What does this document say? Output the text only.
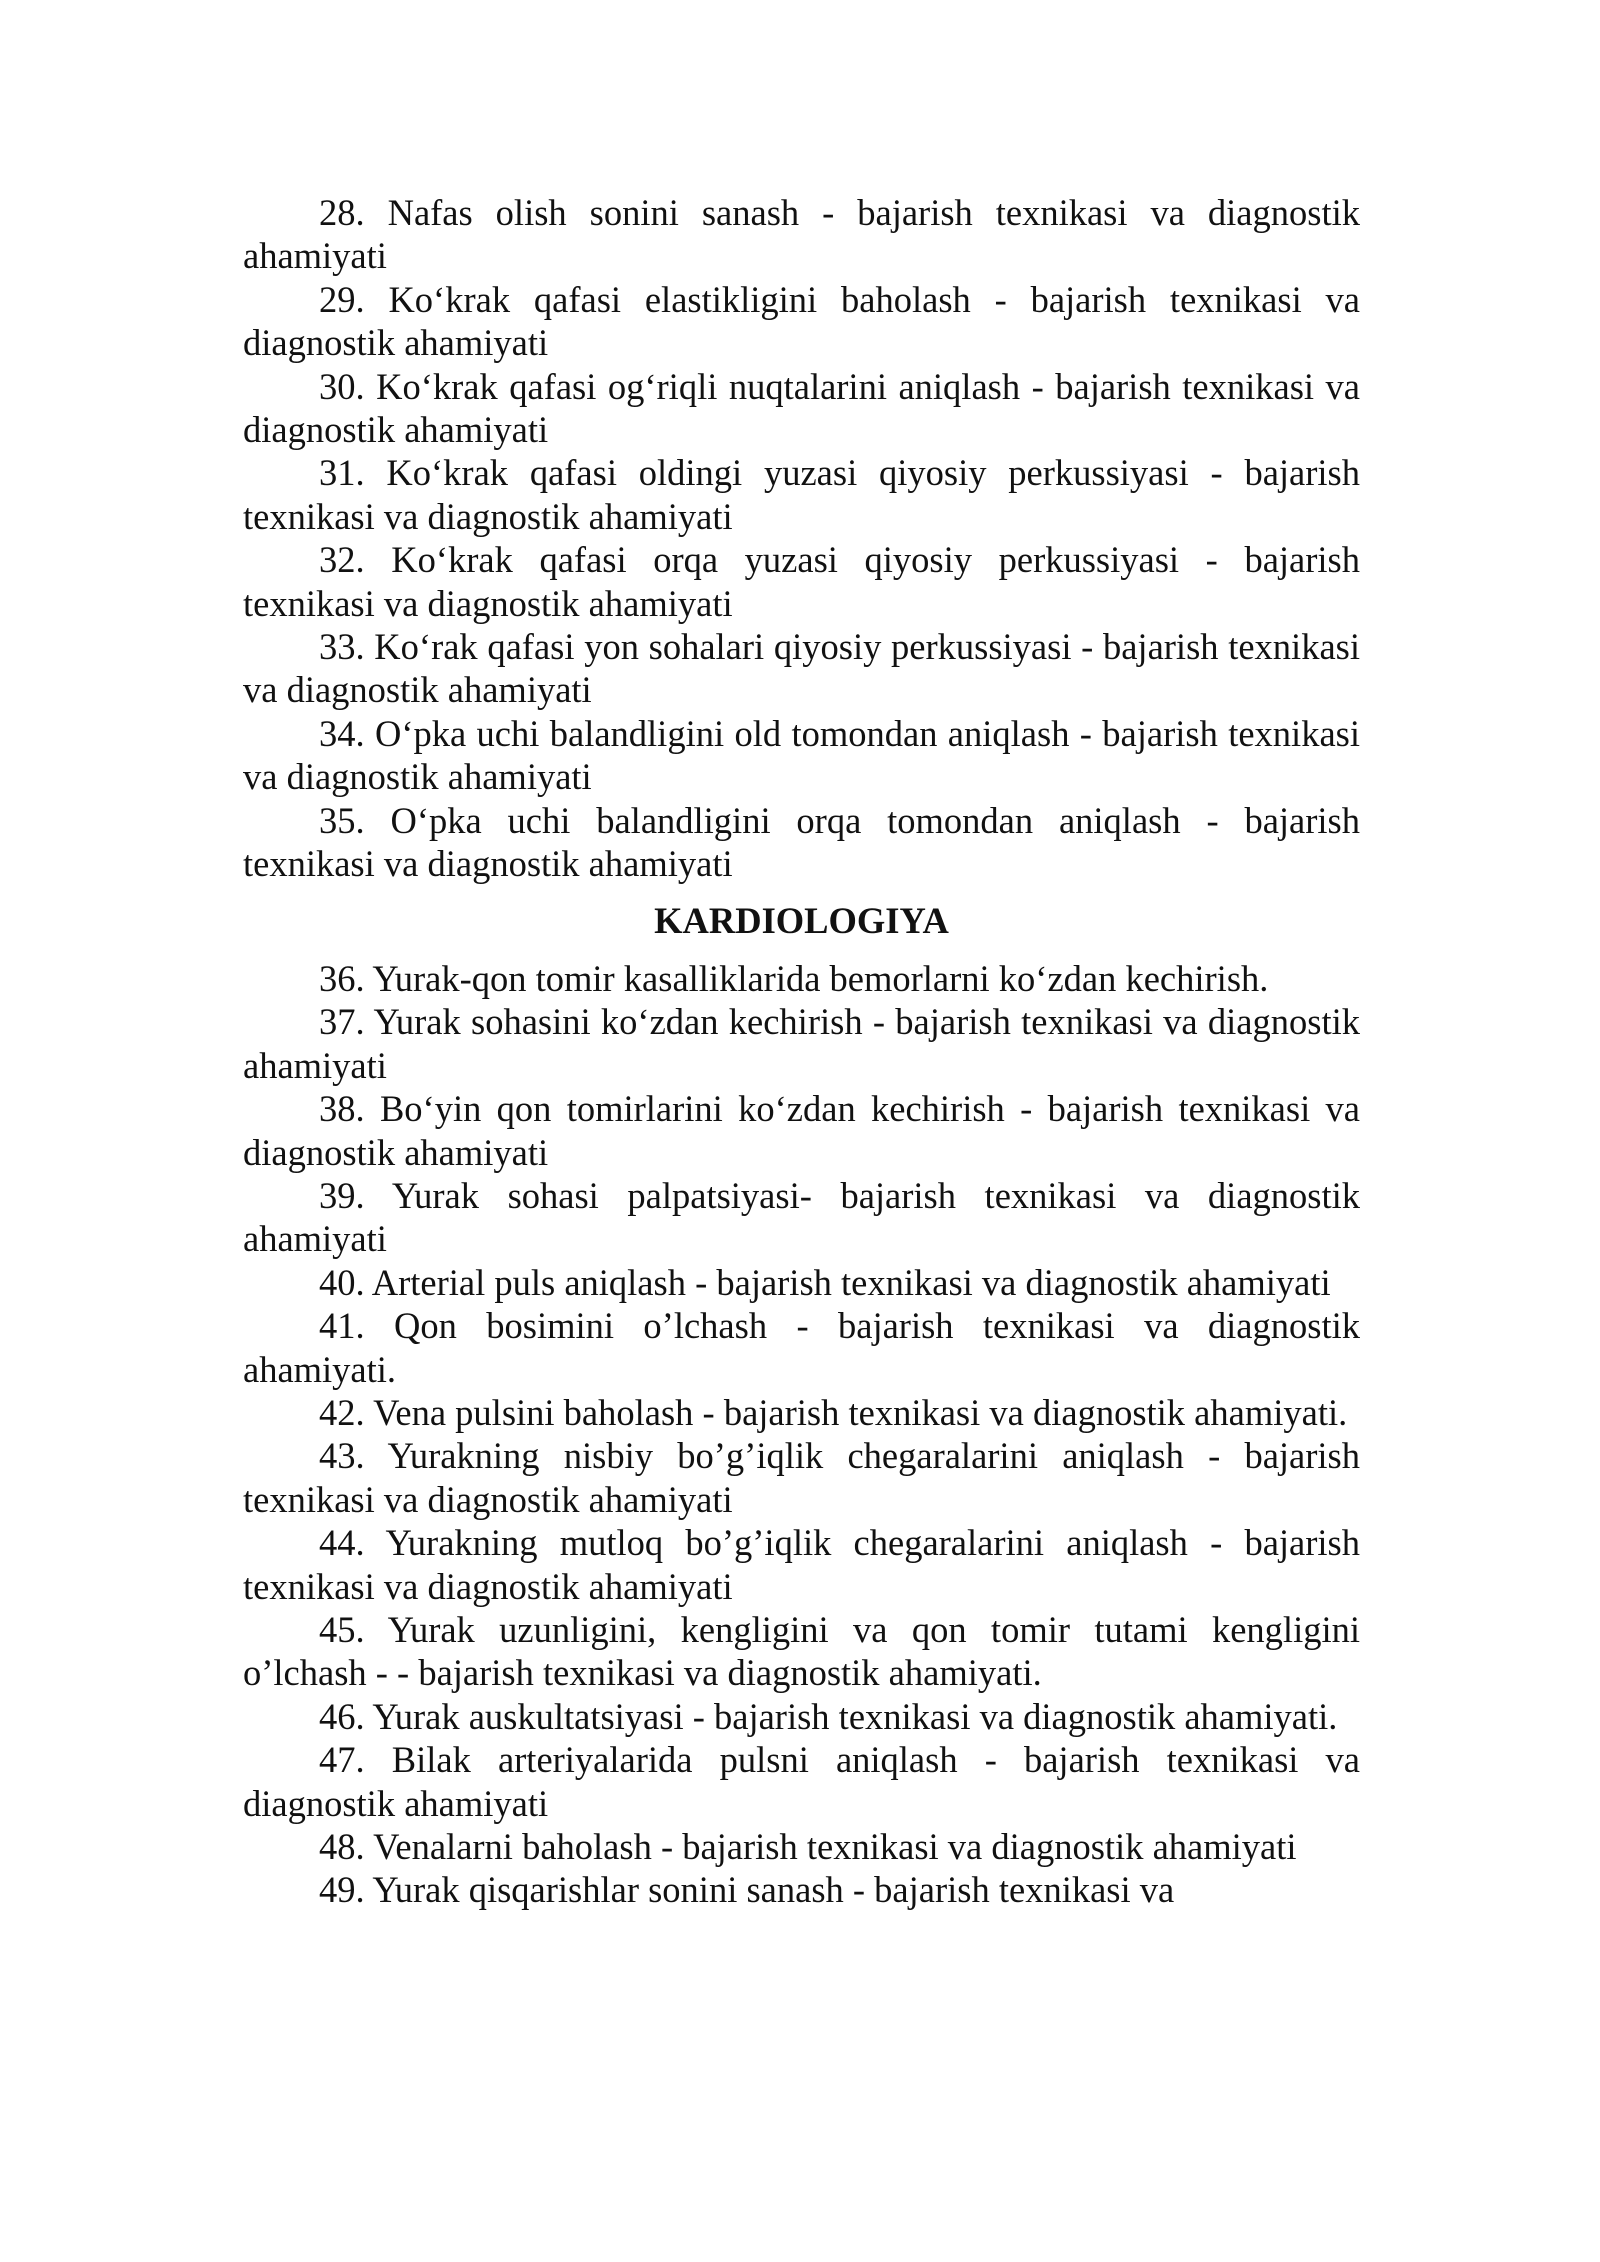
28. Nafas olish sonini sanash - bajarish texnikasi va diagnostik ahamiyati

29. Ko‘krak qafasi elastikligini baholash - bajarish texnikasi va diagnostik ahamiyati

30. Ko‘krak qafasi og‘riqli nuqtalarini aniqlash - bajarish texnikasi va diagnostik ahamiyati

31. Ko‘krak qafasi oldingi yuzasi qiyosiy perkussiyasi - bajarish texnikasi va diagnostik ahamiyati

32. Ko‘krak qafasi orqa yuzasi qiyosiy perkussiyasi - bajarish texnikasi va diagnostik ahamiyati

33. Ko‘rak qafasi yon sohalari qiyosiy perkussiyasi - bajarish texnikasi va diagnostik ahamiyati

34. O‘pka uchi balandligini old tomondan aniqlash - bajarish texnikasi va diagnostik ahamiyati

35. O‘pka uchi balandligini orqa tomondan aniqlash - bajarish texnikasi va diagnostik ahamiyati

KARDIOLOGIYA

36. Yurak-qon tomir kasalliklarida bemorlarni ko‘zdan kechirish.

37. Yurak sohasini ko‘zdan kechirish - bajarish texnikasi va diagnostik ahamiyati

38. Bo‘yin qon tomirlarini ko‘zdan kechirish - bajarish texnikasi va diagnostik ahamiyati

39. Yurak sohasi palpatsiyasi- bajarish texnikasi va diagnostik ahamiyati

40. Arterial puls aniqlash - bajarish texnikasi va diagnostik ahamiyati

41. Qon bosimini o’lchash - bajarish texnikasi va diagnostik ahamiyati.

42. Vena pulsini baholash - bajarish texnikasi va diagnostik ahamiyati.

43. Yurakning nisbiy bo’g’iqlik chegaralarini aniqlash - bajarish texnikasi va diagnostik ahamiyati

44. Yurakning mutloq bo’g’iqlik chegaralarini aniqlash - bajarish texnikasi va diagnostik ahamiyati

45. Yurak uzunligini, kengligini va qon tomir tutami kengligini o’lchash - - bajarish texnikasi va diagnostik ahamiyati.

46. Yurak auskultatsiyasi - bajarish texnikasi va diagnostik ahamiyati.

47. Bilak arteriyalarida pulsni aniqlash - bajarish texnikasi va diagnostik ahamiyati

48. Venalarni baholash - bajarish texnikasi va diagnostik ahamiyati

49. Yurak qisqarishlar sonini sanash - bajarish texnikasi va
